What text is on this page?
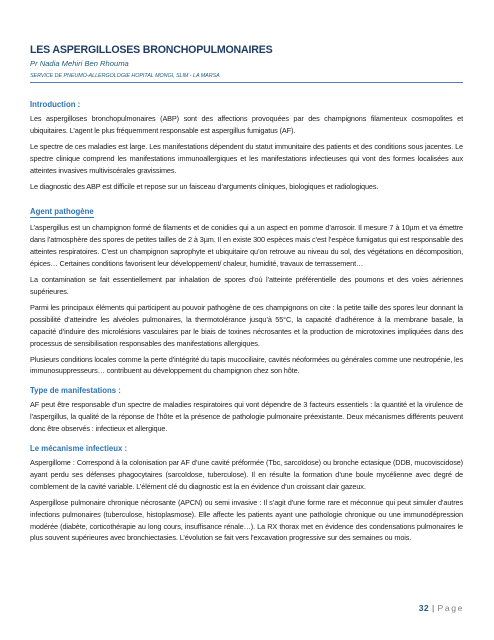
LES ASPERGILLOSES BRONCHOPULMONAIRES
Pr Nadia Mehiri Ben Rhouma
SERVICE DE PNEUMO-ALLERGOLOGIE HOPITAL MONGI, SLIM - LA MARSA
Introduction :

Les aspergilloses bronchopulmonaires (ABP) sont des affections provoquées par des champignons filamenteux cosmopolites et ubiquitaires. L’agent le plus fréquemment responsable est aspergillus fumigatus (AF).

Le spectre de ces maladies est large. Les manifestations dépendent du statut immunitaire des patients et des conditions sous jacentes. Le spectre clinique comprend les manifestations immunoallergiques et les manifestations infectieuses qui vont des formes localisées aux atteintes invasives multiviscérales gravissimes.

Le diagnostic des ABP est difficile et repose sur un faisceau d’arguments cliniques, biologiques et radiologiques.

Agent pathogène

L’aspergillus est un champignon formé de filaments et de conidies qui a un aspect en pomme d’arrosoir. Il mesure 7 à 10µm et va émettre dans l’atmosphère des spores de petites tailles de 2 à 3µm. Il en existe 300 espèces mais c’est l’espèce fumigatus qui est responsable des atteintes respiratoires. C’est un champignon saprophyte et ubiquitaire qu’on retrouve au niveau du sol, des végétations en décomposition, épices… Certaines conditions favorisent leur développement/ chaleur, humidité, travaux de terrassement…

La contamination se fait essentiellement par inhalation de spores d’où l’atteinte préférentielle des poumons et des voies aériennes supérieures.

Parmi les principaux éléments qui participent au pouvoir pathogène de ces champignons on cite : la petite taille des spores leur donnant la possibilité d’atteindre les alvéoles pulmonaires, la thermotolérance jusqu’à 55°C, la capacité d’adhérence à la membrane basale, la capacité d’induire des microlésions vasculaires par le biais de toxines nécrosantes et la production de microtoxines impliquées dans des processus de sensibilisation responsables des manifestations allergiques.

Plusieurs conditions locales comme la perte d’intégrité du tapis mucociliaire, cavités néoformées ou générales comme une neutropénie, les immunosuppresseurs… contribuent au développement du champignon chez son hôte.

Type de manifestations :

AF peut être responsable d’un spectre de maladies respiratoires qui vont dépendre de 3 facteurs essentiels : la quantité et la virulence de l’aspergillus, la qualité de la réponse de l’hôte et la présence de pathologie pulmonaire préexistante. Deux mécanismes différents peuvent donc être observés : infectieux et allergique.

Le mécanisme infectieux :

Aspergillome : Correspond à la colonisation par AF d’une cavité préformée (Tbc, sarcoïdose) ou bronche ectasique (DDB, mucoviscidose) ayant perdu ses défenses phagocytaires (sarcoïdose, tuberculose). Il en résulte la formation d’une boule mycélienne avec degré de comblement de la cavité variable. L’élément clé du diagnostic est la en évidence d’un croissant clair gazeux.

Aspergillose pulmonaire chronique nécrosante (APCN) ou semi invasive : Il s’agit d’une forme rare et méconnue qui peut simuler d’autres infections pulmonaires (tuberculose, histoplasmose). Elle affecte les patients ayant une pathologie chronique ou une immunodépression modérée (diabète, corticothérapie au long cours, insuffisance rénale…). La RX thorax met en évidence des condensations pulmonaires le plus souvent supérieures avec bronchiectasies. L’évolution se fait vers l’excavation progressive sur des semaines ou mois.

32 | Page
